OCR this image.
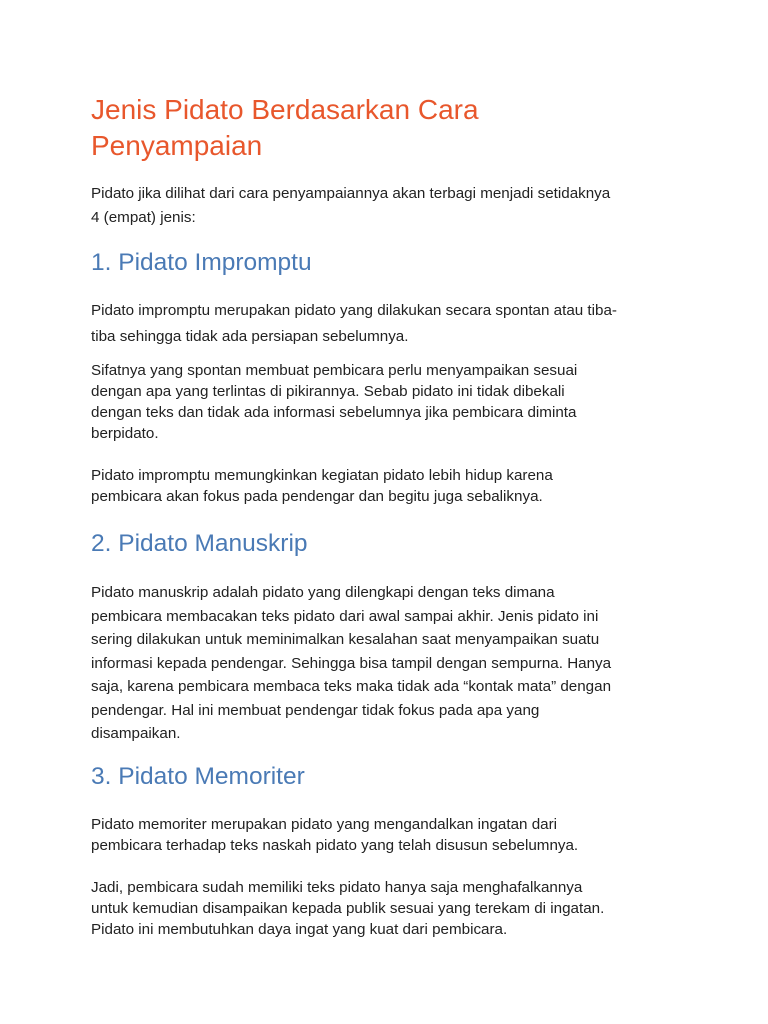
Jenis Pidato Berdasarkan Cara
Penyampaian

Pidato jika dilihat dari cara penyampaiannya akan terbagi menjadi setidaknya
4 (empat) jenis:

1. Pidato Impromptu

Pidato impromptu merupakan pidato yang dilakukan secara spontan atau tiba-
tiba sehingga tidak ada persiapan sebelumnya.

Sifatnya yang spontan membuat pembicara perlu menyampaikan sesuai
dengan apa yang terlintas di pikirannya. Sebab pidato ini tidak dibekali
dengan teks dan tidak ada informasi sebelumnya jika pembicara diminta
berpidato.

Pidato impromptu memungkinkan kegiatan pidato lebih hidup karena
pembicara akan fokus pada pendengar dan begitu juga sebaliknya.

2. Pidato Manuskrip

Pidato manuskrip adalah pidato yang dilengkapi dengan teks dimana
pembicara membacakan teks pidato dari awal sampai akhir. Jenis pidato ini
sering dilakukan untuk meminimalkan kesalahan saat menyampaikan suatu
informasi kepada pendengar. Sehingga bisa tampil dengan sempurna. Hanya
saja, karena pembicara membaca teks maka tidak ada “kontak mata” dengan
pendengar. Hal ini membuat pendengar tidak fokus pada apa yang
disampaikan.

3. Pidato Memoriter

Pidato memoriter merupakan pidato yang mengandalkan ingatan dari
pembicara terhadap teks naskah pidato yang telah disusun sebelumnya.

Jadi, pembicara sudah memiliki teks pidato hanya saja menghafalkannya
untuk kemudian disampaikan kepada publik sesuai yang terekam di ingatan.
Pidato ini membutuhkan daya ingat yang kuat dari pembicara.
